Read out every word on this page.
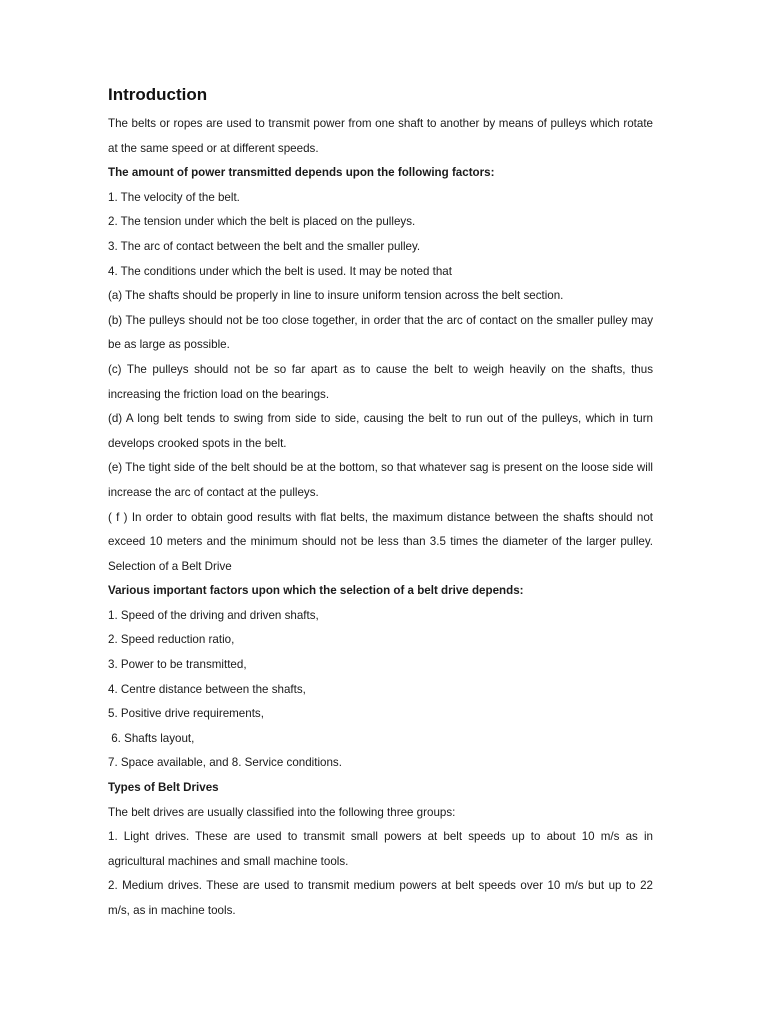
Introduction

The belts or ropes are used to transmit power from one shaft to another by means of pulleys which rotate at the same speed or at different speeds.

The amount of power transmitted depends upon the following factors:

1. The velocity of the belt.

2. The tension under which the belt is placed on the pulleys.

3. The arc of contact between the belt and the smaller pulley.

4. The conditions under which the belt is used. It may be noted that

(a) The shafts should be properly in line to insure uniform tension across the belt section.

(b) The pulleys should not be too close together, in order that the arc of contact on the smaller pulley may be as large as possible.

(c) The pulleys should not be so far apart as to cause the belt to weigh heavily on the shafts, thus increasing the friction load on the bearings.

(d) A long belt tends to swing from side to side, causing the belt to run out of the pulleys, which in turn develops crooked spots in the belt.

(e) The tight side of the belt should be at the bottom, so that whatever sag is present on the loose side will increase the arc of contact at the pulleys.

( f ) In order to obtain good results with flat belts, the maximum distance between the shafts should not exceed 10 meters and the minimum should not be less than 3.5 times the diameter of the larger pulley. Selection of a Belt Drive

Various important factors upon which the selection of a belt drive depends:

1. Speed of the driving and driven shafts,

2. Speed reduction ratio,

3. Power to be transmitted,

4. Centre distance between the shafts,

5. Positive drive requirements,

6. Shafts layout,

7. Space available, and 8. Service conditions.

Types of Belt Drives

The belt drives are usually classified into the following three groups:

1. Light drives. These are used to transmit small powers at belt speeds up to about 10 m/s as in agricultural machines and small machine tools.

2. Medium drives. These are used to transmit medium powers at belt speeds over 10 m/s but up to 22 m/s, as in machine tools.
